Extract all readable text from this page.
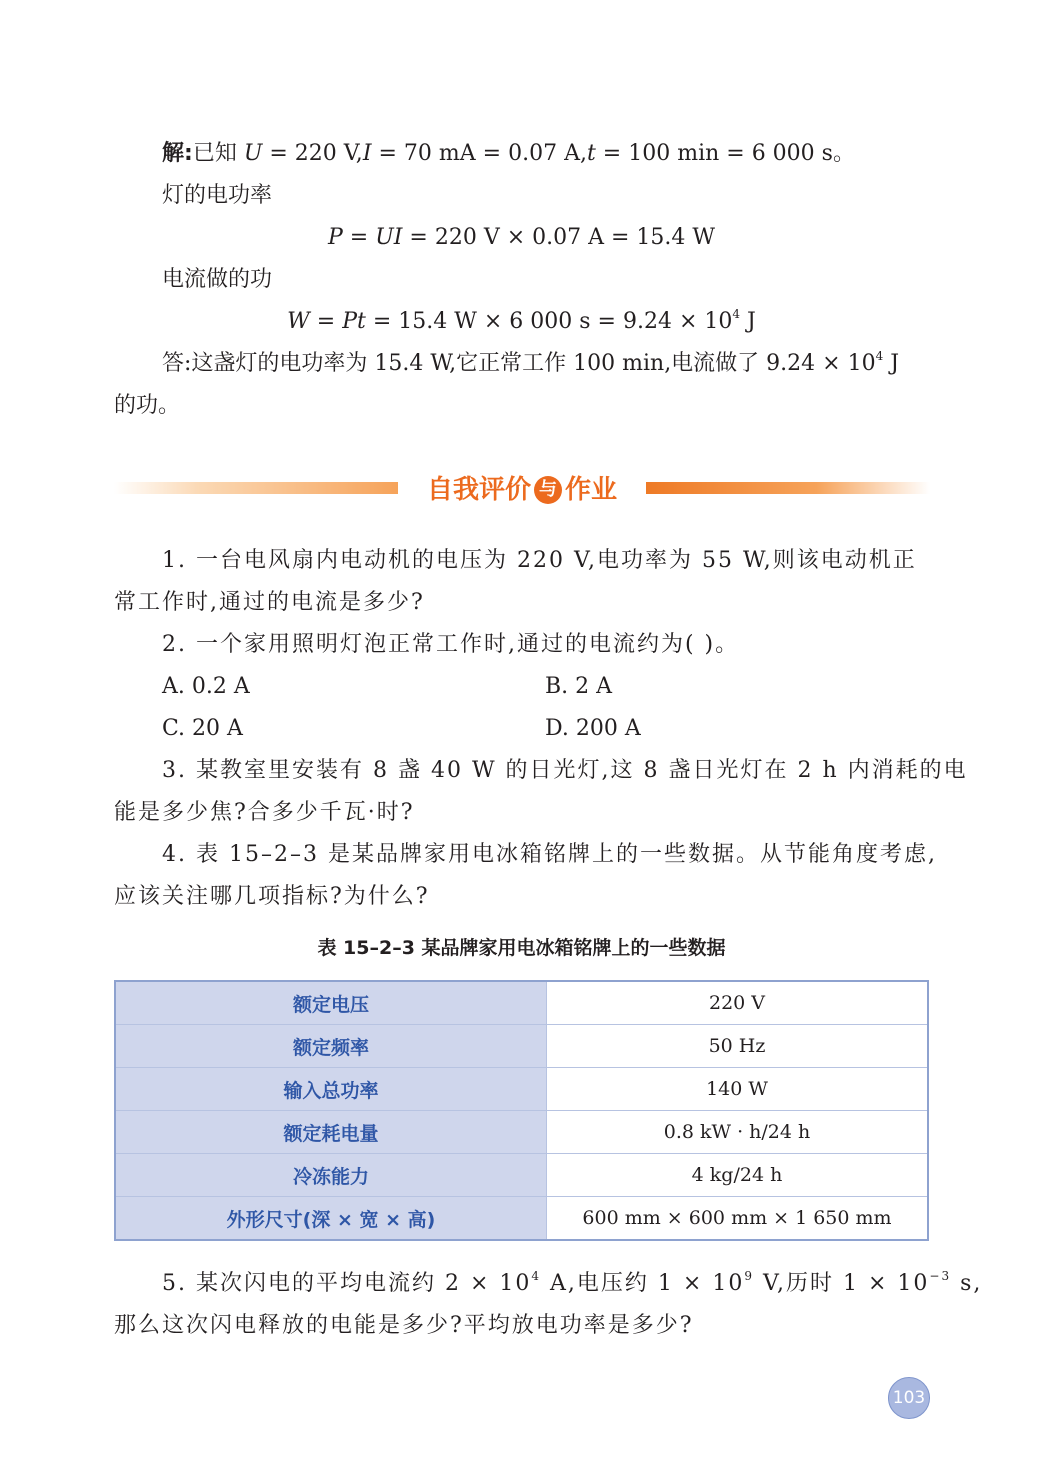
解:已知 U = 220 V,I = 70 mA = 0.07 A,t = 100 min = 6 000 s。
灯的电功率
P = UI = 220 V × 0.07 A = 15.4 W
电流做的功
W = Pt = 15.4 W × 6 000 $s = 9.24 \times 10^4$ J
答:这盏灯的电功率为 15.4 W,它正常工作 100 min,电流做了 $9.24 \times 10^4$ J
的功。
自我评价 与 作业
1. 一台电风扇内电动机的电压为 220 V,电功率为 55 W,则该电动机正
常工作时,通过的电流是多少?
2. 一个家用照明灯泡正常工作时,通过的电流约为( )。
A. 0.2 A	B. 2 A
C. 20 A	D. 200 A
3. 某教室里安装有 8 盏 40 W 的日光灯,这 8 盏日光灯在 2 h 内消耗的电
能是多少焦?合多少千瓦·时?
4. 表 15–2–3 是某品牌家用电冰箱铭牌上的一些数据。从节能角度考虑,
应该关注哪几项指标?为什么?
表 15–2–3 某品牌家用电冰箱铭牌上的一些数据
额定电压	220 V
额定频率	50 Hz
输入总功率	140 W
额定耗电量	0.8 kW · h/24 h
冷冻能力	4 kg/24 h
外形尺寸(深 × 宽 × 高)	600 mm × 600 mm × 1 650 mm
5. 某次闪电的平均电流约 $2 \times 10^4$ A,电压约 $1 \times 10^9$ V,历时 $1 \times 10^{-3}$ s,
那么这次闪电释放的电能是多少?平均放电功率是多少?
103
